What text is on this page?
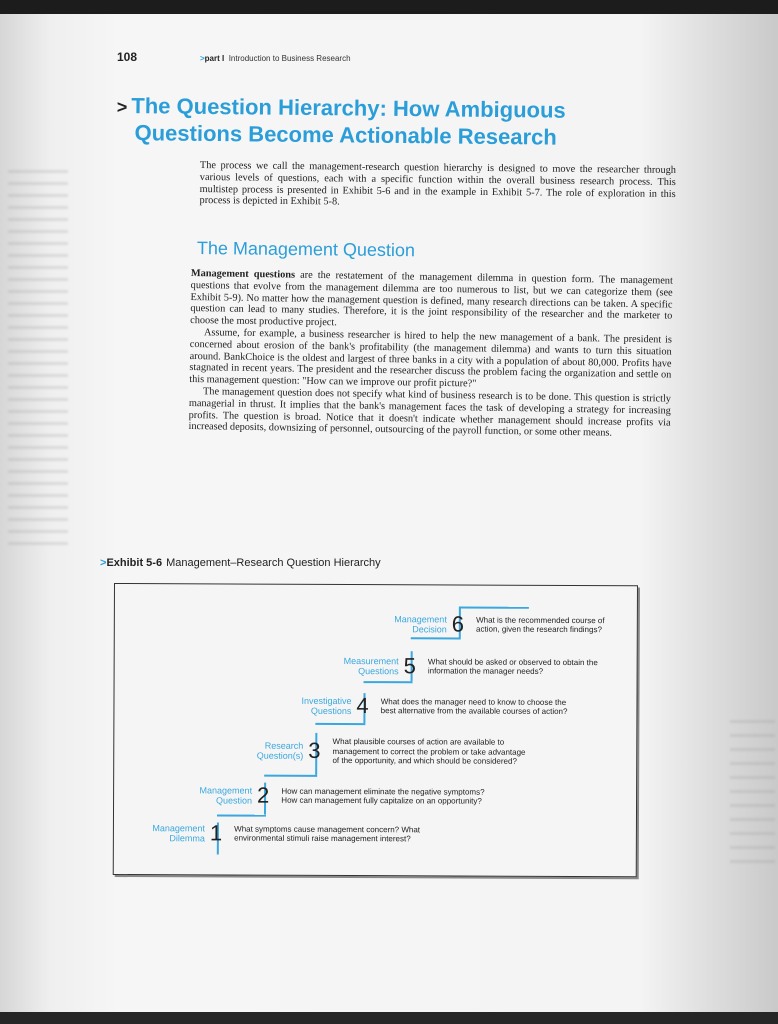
108	>part I Introduction to Business Research
> The Question Hierarchy: How Ambiguous
Questions Become Actionable Research

The process we call the management-research question hierarchy is designed to move the researcher through various levels of questions, each with a specific function within the overall business research process. This multistep process is presented in Exhibit 5-6 and in the example in Exhibit 5-7. The role of exploration in this process is depicted in Exhibit 5-8.

The Management Question

Management questions are the restatement of the management dilemma in question form. The management questions that evolve from the management dilemma are too numerous to list, but we can categorize them (see Exhibit 5-9). No matter how the management question is defined, many research directions can be taken. A specific question can lead to many studies. Therefore, it is the joint responsibility of the researcher and the marketer to choose the most productive project.

Assume, for example, a business researcher is hired to help the new management of a bank. The president is concerned about erosion of the bank's profitability (the management dilemma) and wants to turn this situation around. BankChoice is the oldest and largest of three banks in a city with a population of about 80,000. Profits have stagnated in recent years. The president and the researcher discuss the problem facing the organization and settle on this management question: "How can we improve our profit picture?"

The management question does not specify what kind of business research is to be done. This question is strictly managerial in thrust. It implies that the bank's management faces the task of developing a strategy for increasing profits. The question is broad. Notice that it doesn't indicate whether management should increase profits via increased deposits, downsizing of personnel, outsourcing of the payroll function, or some other means.

>Exhibit 5-6 Management–Research Question Hierarchy
Management
Decision 6 What is the recommended course of
action, given the research findings?
Measurement
Questions 5 What should be asked or observed to obtain the
information the manager needs?
Investigative
Questions 4 What does the manager need to know to choose the
best alternative from the available courses of action?
Research
Question(s) 3 What plausible courses of action are available to
management to correct the problem or take advantage
of the opportunity, and which should be considered?
Management
Question 2 How can management eliminate the negative symptoms?
How can management fully capitalize on an opportunity?
Management
Dilemma 1 What symptoms cause management concern? What
environmental stimuli raise management interest?
